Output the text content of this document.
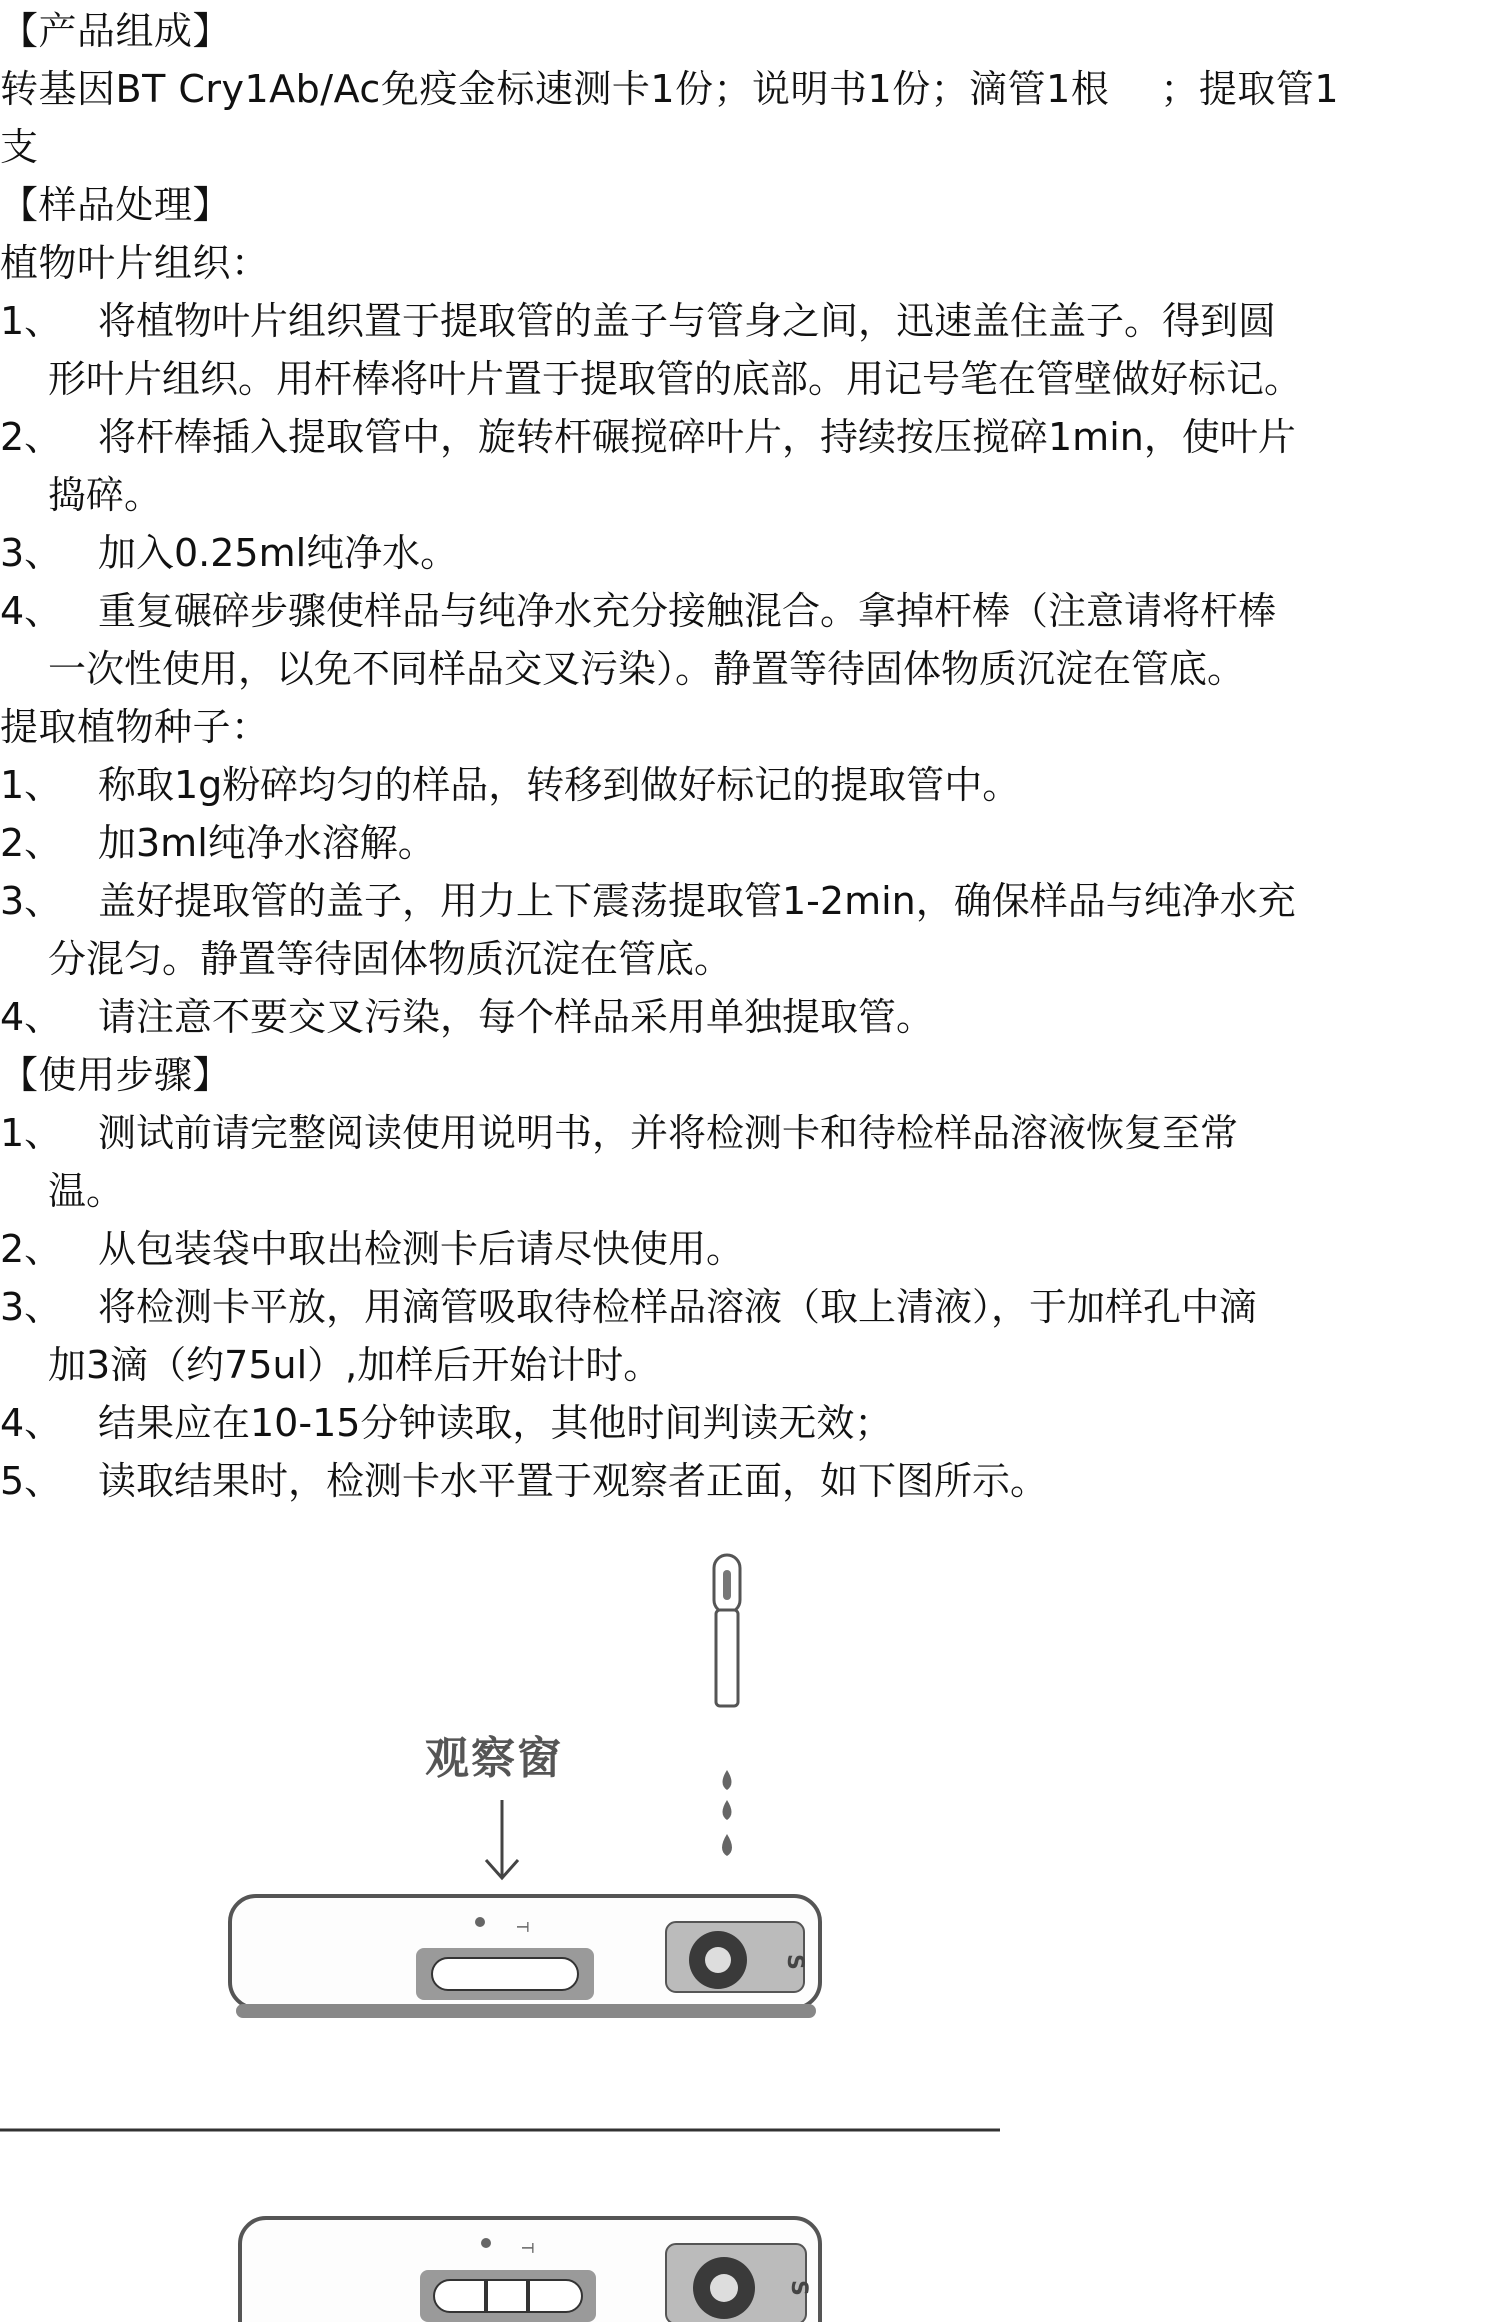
【产品组成】
转基因BT Cry1Ab/Ac免疫金标速测卡1份；说明书1份；滴管1根　 ；提取管1
支
【样品处理】
植物叶片组织：
1、 将植物叶片组织置于提取管的盖子与管身之间，迅速盖住盖子。得到圆
形叶片组织。用杆棒将叶片置于提取管的底部。用记号笔在管壁做好标记。
2、 将杆棒插入提取管中，旋转杆碾搅碎叶片，持续按压搅碎1min，使叶片
捣碎。
3、 加入0.25ml纯净水。
4、 重复碾碎步骤使样品与纯净水充分接触混合。拿掉杆棒（注意请将杆棒
一次性使用，以免不同样品交叉污染）。静置等待固体物质沉淀在管底。
提取植物种子：
1、 称取1g粉碎均匀的样品，转移到做好标记的提取管中。
2、 加3ml纯净水溶解。
3、 盖好提取管的盖子，用力上下震荡提取管1-2min，确保样品与纯净水充
分混匀。静置等待固体物质沉淀在管底。
4、 请注意不要交叉污染，每个样品采用单独提取管。
【使用步骤】
1、 测试前请完整阅读使用说明书，并将检测卡和待检样品溶液恢复至常
温。
2、 从包装袋中取出检测卡后请尽快使用。
3、 将检测卡平放，用滴管吸取待检样品溶液（取上清液），于加样孔中滴
加3滴（约75ul）,加样后开始计时。
4、 结果应在10-15分钟读取，其他时间判读无效；
5、 读取结果时，检测卡水平置于观察者正面，如下图所示。
观察窗
T
S
T
S
